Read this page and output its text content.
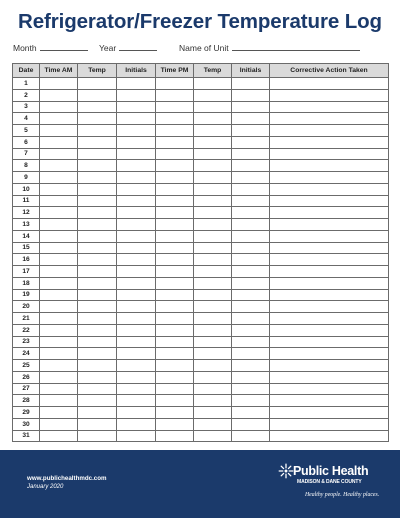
Refrigerator/Freezer Temperature Log
Month	Year	Name of Unit
Date	Time AM	Temp	Initials	Time PM	Temp	Initials	Corrective Action Taken
1							
2							
3							
4							
5							
6							
7							
8							
9							
10							
11							
12							
13							
14							
15							
16							
17							
18							
19							
20							
21							
22							
23							
24							
25							
26							
27							
28							
29							
30							
31							
www.publichealthmdc.com
January 2020
Public Health
MADISON & DANE COUNTY
Healthy people. Healthy places.
